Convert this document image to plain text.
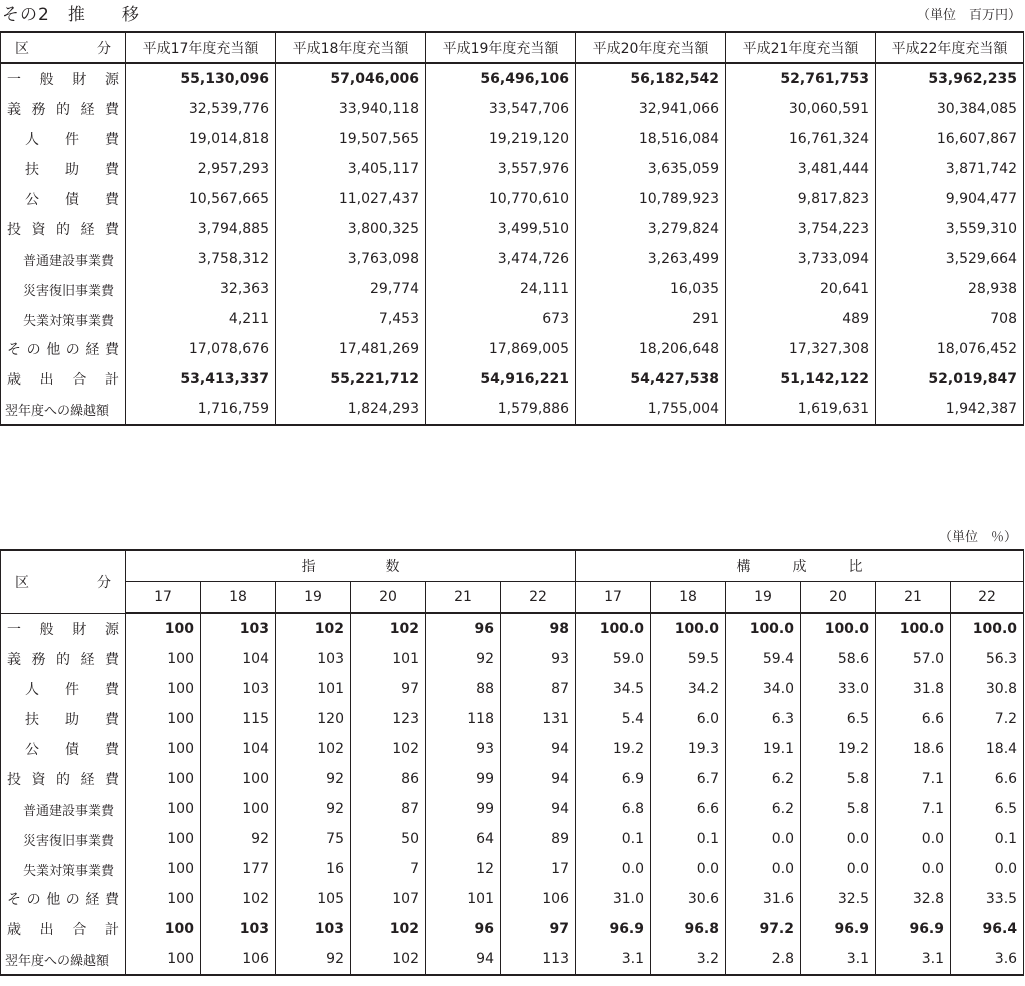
その2　推　　移	（単位　百万円）
区　　　分	平成17年度充当額	平成18年度充当額	平成19年度充当額	平成20年度充当額	平成21年度充当額	平成22年度充当額
一般財源	55,130,096	57,046,006	56,496,106	56,182,542	52,761,753	53,962,235
義務的経費	32,539,776	33,940,118	33,547,706	32,941,066	30,060,591	30,384,085
人件費	19,014,818	19,507,565	19,219,120	18,516,084	16,761,324	16,607,867
扶助費	2,957,293	3,405,117	3,557,976	3,635,059	3,481,444	3,871,742
公債費	10,567,665	11,027,437	10,770,610	10,789,923	9,817,823	9,904,477
投資的経費	3,794,885	3,800,325	3,499,510	3,279,824	3,754,223	3,559,310
普通建設事業費	3,758,312	3,763,098	3,474,726	3,263,499	3,733,094	3,529,664
災害復旧事業費	32,363	29,774	24,111	16,035	20,641	28,938
失業対策事業費	4,211	7,453	673	291	489	708
その他の経費	17,078,676	17,481,269	17,869,005	18,206,648	17,327,308	18,076,452
歳出合計	53,413,337	55,221,712	54,916,221	54,427,538	51,142,122	52,019,847
翌年度への繰越額	1,716,759	1,824,293	1,579,886	1,755,004	1,619,631	1,942,387
（単位　％）
区　　　分	指　　　　　数						構　　　成　　　比					
	17	18	19	20	21	22	17	18	19	20	21	22
一般財源	100	103	102	102	96	98	100.0	100.0	100.0	100.0	100.0	100.0
義務的経費	100	104	103	101	92	93	59.0	59.5	59.4	58.6	57.0	56.3
人件費	100	103	101	97	88	87	34.5	34.2	34.0	33.0	31.8	30.8
扶助費	100	115	120	123	118	131	5.4	6.0	6.3	6.5	6.6	7.2
公債費	100	104	102	102	93	94	19.2	19.3	19.1	19.2	18.6	18.4
投資的経費	100	100	92	86	99	94	6.9	6.7	6.2	5.8	7.1	6.6
普通建設事業費	100	100	92	87	99	94	6.8	6.6	6.2	5.8	7.1	6.5
災害復旧事業費	100	92	75	50	64	89	0.1	0.1	0.0	0.0	0.0	0.1
失業対策事業費	100	177	16	7	12	17	0.0	0.0	0.0	0.0	0.0	0.0
その他の経費	100	102	105	107	101	106	31.0	30.6	31.6	32.5	32.8	33.5
歳出合計	100	103	103	102	96	97	96.9	96.8	97.2	96.9	96.9	96.4
翌年度への繰越額	100	106	92	102	94	113	3.1	3.2	2.8	3.1	3.1	3.6
